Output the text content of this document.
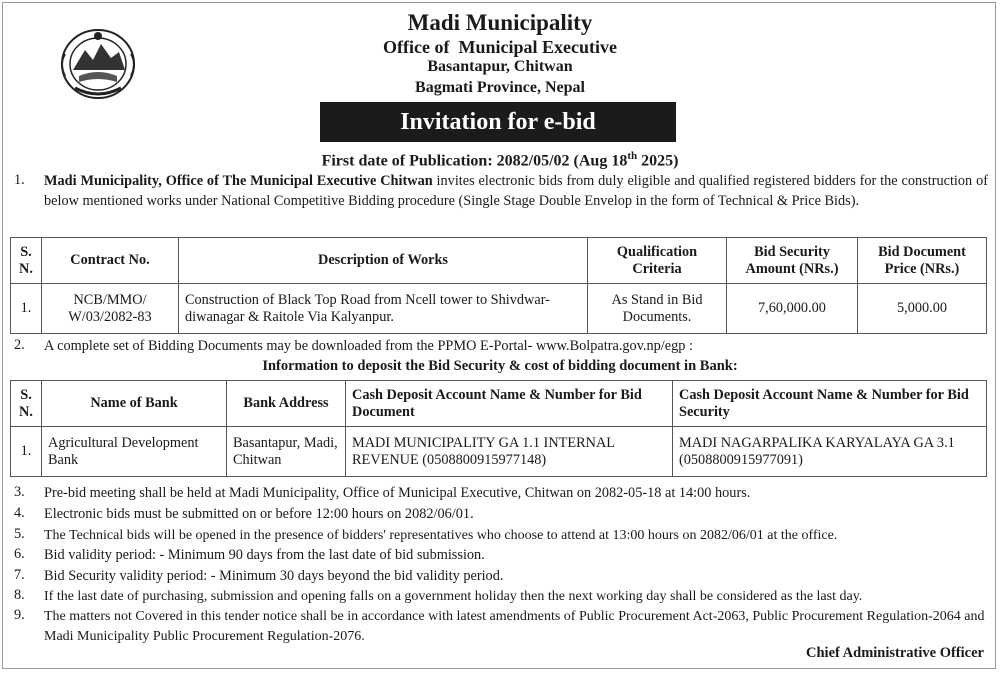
Madi Municipality
Office of  Municipal Executive
Basantapur, Chitwan
Bagmati Province, Nepal
Invitation for e-bid
First date of Publication: 2082/05/02 (Aug 18th 2025)
1. Madi Municipality, Office of The Municipal Executive Chitwan invites electronic bids from duly eligible and qualified registered bidders for the construction of below mentioned works under National Competitive Bidding procedure (Single Stage Double Envelop in the form of Technical & Price Bids).
S. N.	Contract No.	Description of Works	Qualification Criteria	Bid Security Amount (NRs.)	Bid Document Price (NRs.)
1.	NCB/MMO/ W/03/2082-83	Construction of Black Top Road from Ncell tower to Shivdwar-diwanagar & Raitole Via Kalyanpur.	As Stand in Bid Documents.	7,60,000.00	5,000.00
2. A complete set of Bidding Documents may be downloaded from the PPMO E-Portal- www.Bolpatra.gov.np/egp :
Information to deposit the Bid Security & cost of bidding document in Bank:
S. N.	Name of Bank	Bank Address	Cash Deposit Account Name & Number for Bid Document	Cash Deposit Account Name & Number for Bid Security
1.	Agricultural Development Bank	Basantapur, Madi, Chitwan	MADI MUNICIPALITY GA 1.1 INTERNAL REVENUE (0508800915977148)	MADI NAGARPALIKA KARYALAYA GA 3.1 (0508800915977091)
3. Pre-bid meeting shall be held at Madi Municipality, Office of Municipal Executive, Chitwan on 2082-05-18 at 14:00 hours.
4. Electronic bids must be submitted on or before 12:00 hours on 2082/06/01.
5. The Technical bids will be opened in the presence of bidders' representatives who choose to attend at 13:00 hours on 2082/06/01 at the office.
6. Bid validity period: - Minimum 90 days from the last date of bid submission.
7. Bid Security validity period: - Minimum 30 days beyond the bid validity period.
8. If the last date of purchasing, submission and opening falls on a government holiday then the next working day shall be considered as the last day.
9. The matters not Covered in this tender notice shall be in accordance with latest amendments of Public Procurement Act-2063, Public Procurement Regulation-2064 and Madi Municipality Public Procurement Regulation-2076.
Chief Administrative Officer
